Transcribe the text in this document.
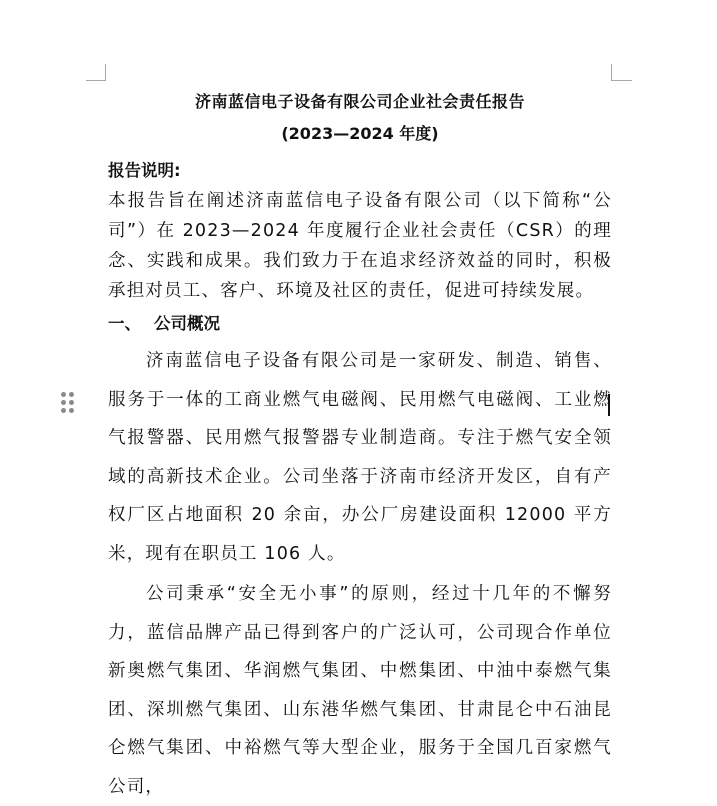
济南蓝信电子设备有限公司企业社会责任报告
(2023—2024 年度)
报告说明:

本报告旨在阐述济南蓝信电子设备有限公司（以下简称“公司”）在 2023—2024 年度履行企业社会责任（CSR）的理念、实践和成果。我们致力于在追求经济效益的同时，积极承担对员工、客户、环境及社区的责任，促进可持续发展。

一、 公司概况

济南蓝信电子设备有限公司是一家研发、制造、销售、服务于一体的工商业燃气电磁阀、民用燃气电磁阀、工业燃气报警器、民用燃气报警器专业制造商。专注于燃气安全领域的高新技术企业。公司坐落于济南市经济开发区，自有产权厂区占地面积 20 余亩，办公厂房建设面积 12000 平方米，现有在职员工 106 人。

公司秉承“安全无小事”的原则，经过十几年的不懈努力，蓝信品牌产品已得到客户的广泛认可，公司现合作单位新奥燃气集团、华润燃气集团、中燃集团、中油中泰燃气集团、深圳燃气集团、山东港华燃气集团、甘肃昆仑中石油昆仑燃气集团、中裕燃气等大型企业，服务于全国几百家燃气公司，
